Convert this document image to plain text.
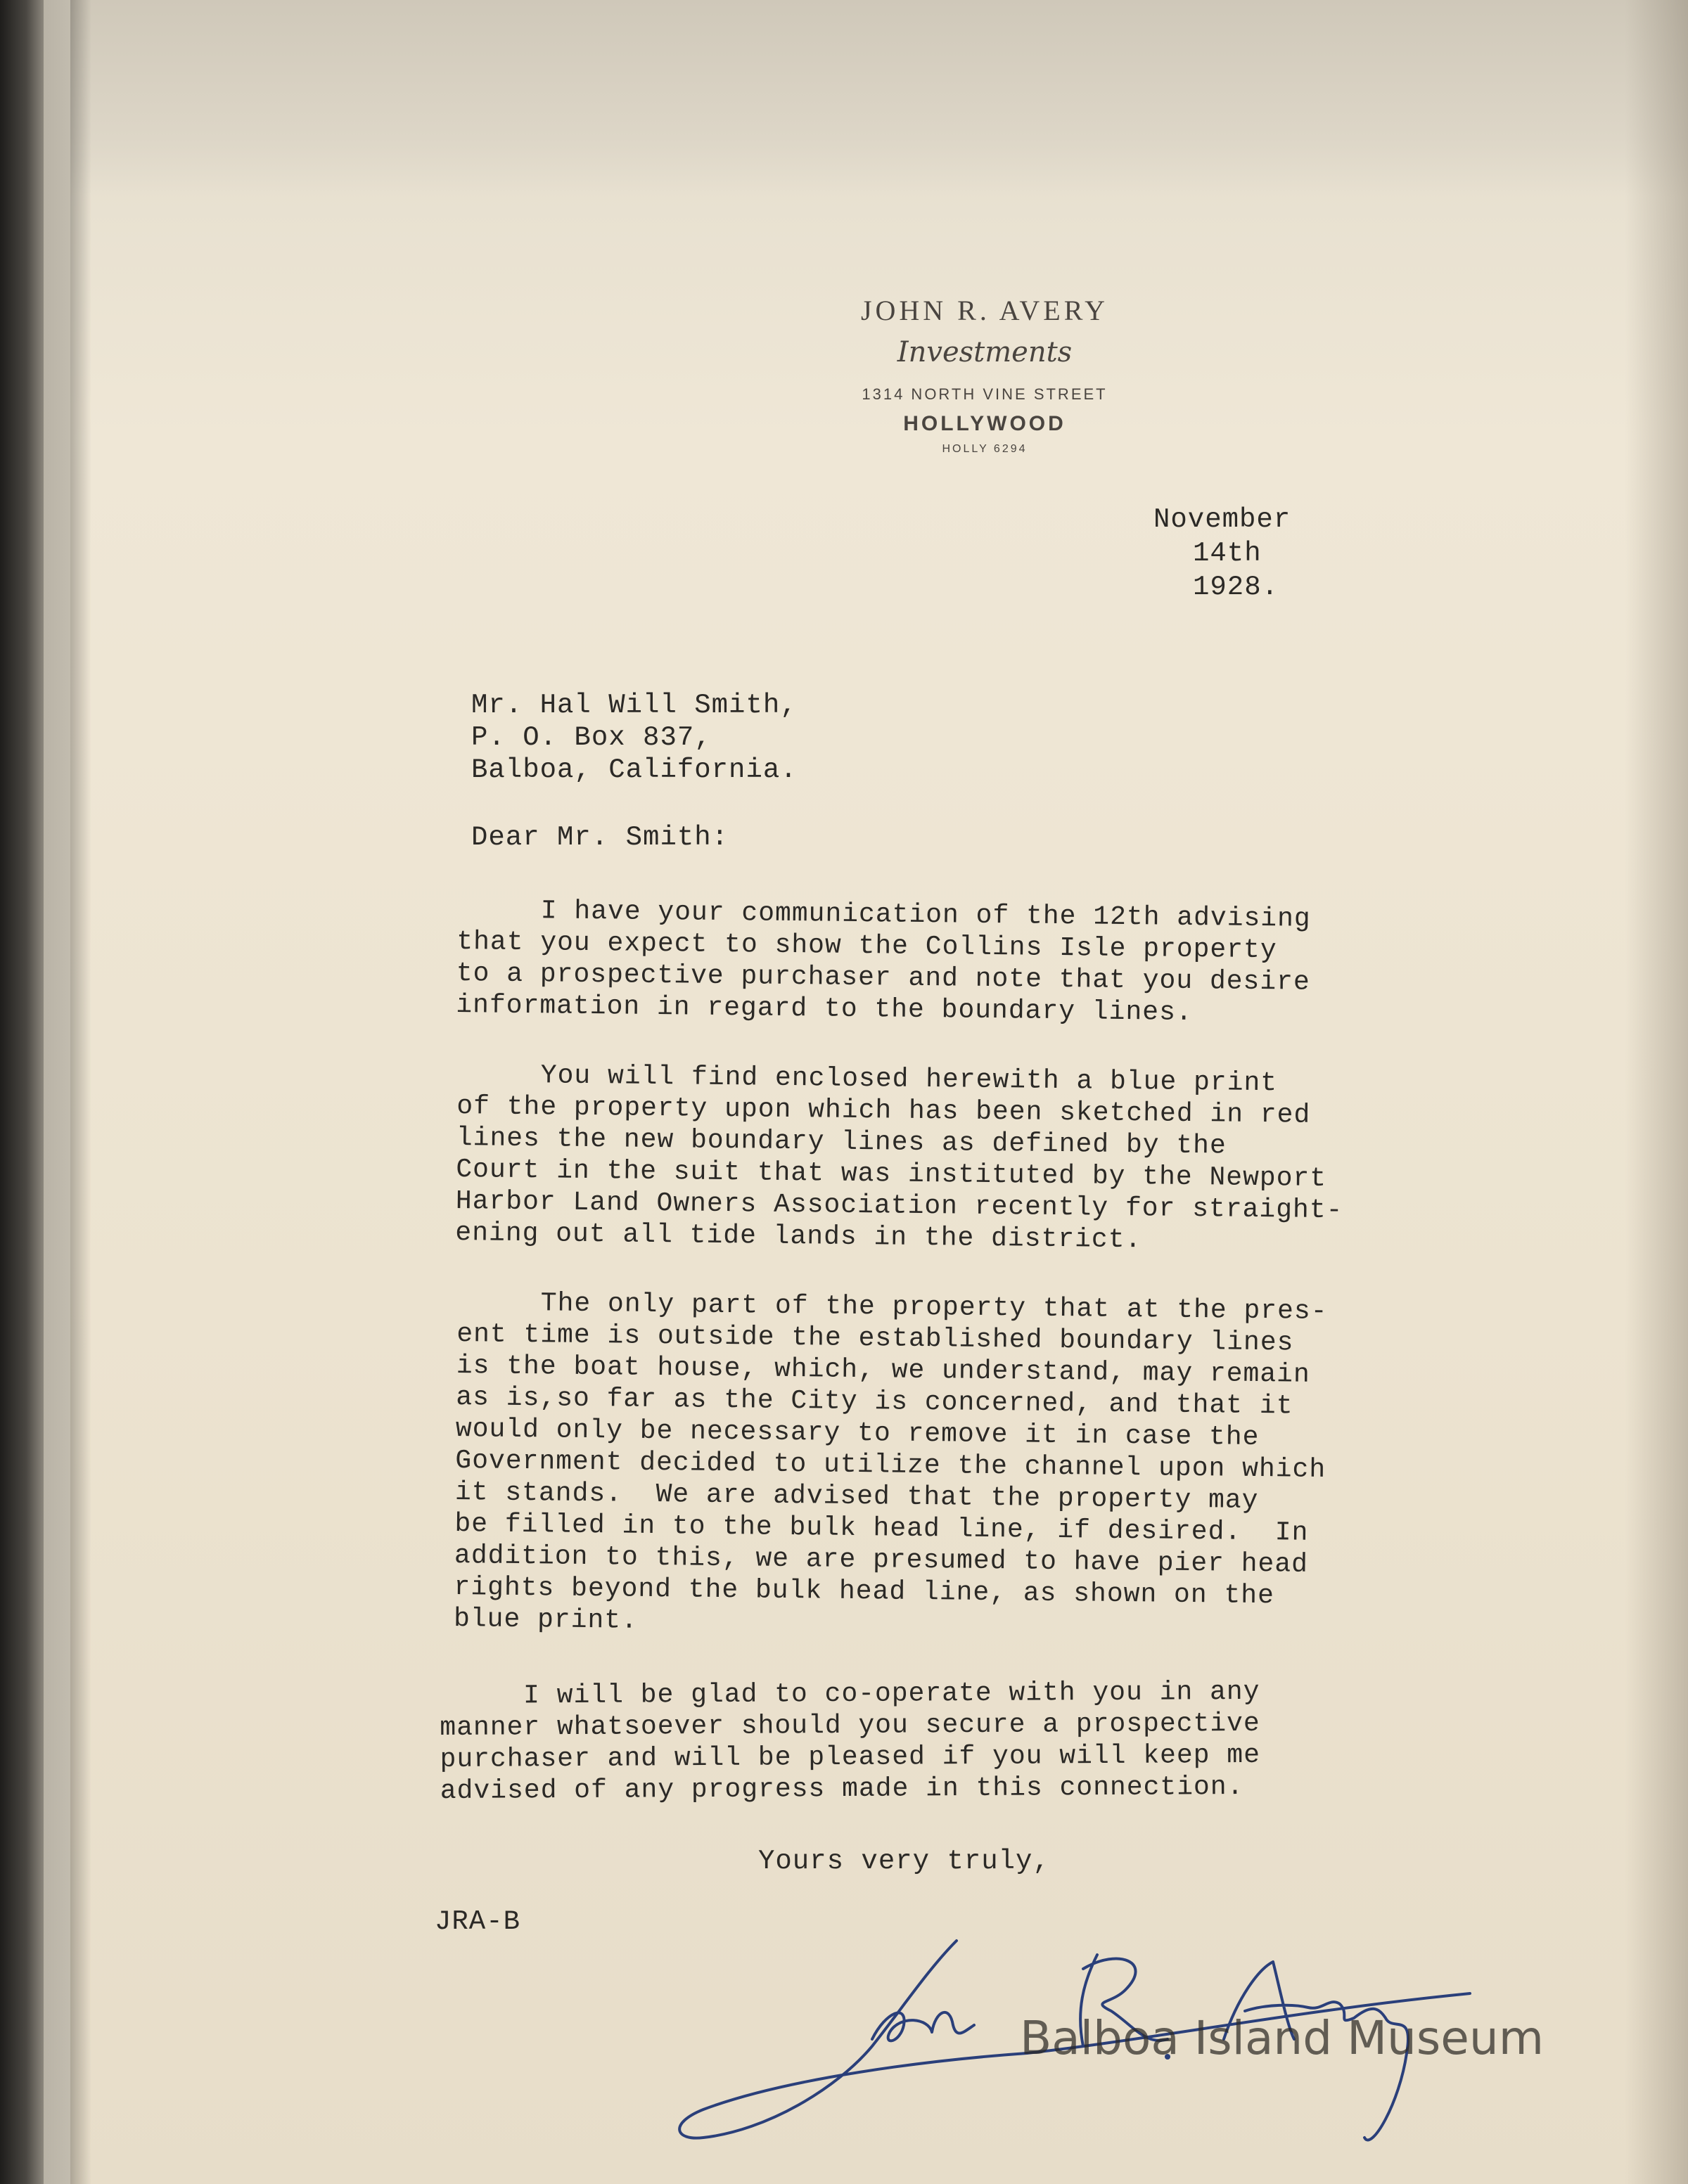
JOHN R. AVERY
Investments
1314 NORTH VINE STREET
HOLLYWOOD
HOLLY 6294
November
14th
1928.
Mr. Hal Will Smith,
P. O. Box 837,
Balboa, California.
Dear Mr. Smith:
I have your communication of the 12th advising
that you expect to show the Collins Isle property
to a prospective purchaser and note that you desire
information in regard to the boundary lines.
You will find enclosed herewith a blue print
of the property upon which has been sketched in red
lines the new boundary lines as defined by the
Court in the suit that was instituted by the Newport
Harbor Land Owners Association recently for straight-
ening out all tide lands in the district.
The only part of the property that at the pres-
ent time is outside the established boundary lines
is the boat house, which, we understand, may remain
as is,so far as the City is concerned, and that it
would only be necessary to remove it in case the
Government decided to utilize the channel upon which
it stands.  We are advised that the property may
be filled in to the bulk head line, if desired.  In
addition to this, we are presumed to have pier head
rights beyond the bulk head line, as shown on the
blue print.
I will be glad to co-operate with you in any
manner whatsoever should you secure a prospective
purchaser and will be pleased if you will keep me
advised of any progress made in this connection.
Yours very truly,
JRA-B
Balboa Island Museum
